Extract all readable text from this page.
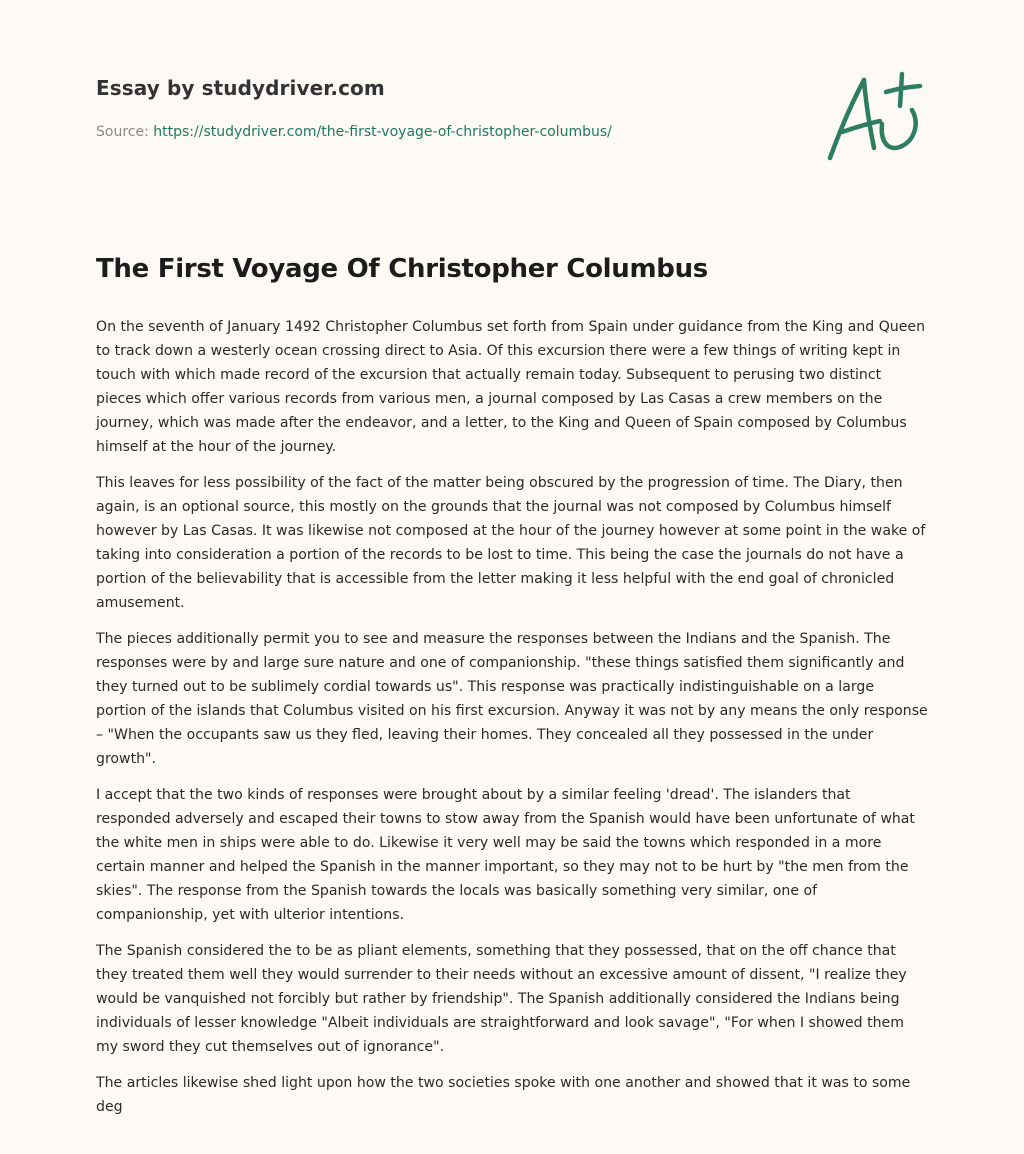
Essay by studydriver.com
Source: https://studydriver.com/the-first-voyage-of-christopher-columbus/
The First Voyage Of Christopher Columbus

On the seventh of January 1492 Christopher Columbus set forth from Spain under guidance from the King and Queen to track down a westerly ocean crossing direct to Asia. Of this excursion there were a few things of writing kept in touch with which made record of the excursion that actually remain today. Subsequent to perusing two distinct pieces which offer various records from various men, a journal composed by Las Casas a crew members on the journey, which was made after the endeavor, and a letter, to the King and Queen of Spain composed by Columbus himself at the hour of the journey.

This leaves for less possibility of the fact of the matter being obscured by the progression of time. The Diary, then again, is an optional source, this mostly on the grounds that the journal was not composed by Columbus himself however by Las Casas. It was likewise not composed at the hour of the journey however at some point in the wake of taking into consideration a portion of the records to be lost to time. This being the case the journals do not have a portion of the believability that is accessible from the letter making it less helpful with the end goal of chronicled amusement.

The pieces additionally permit you to see and measure the responses between the Indians and the Spanish. The responses were by and large sure nature and one of companionship. "these things satisfied them significantly and they turned out to be sublimely cordial towards us". This response was practically indistinguishable on a large portion of the islands that Columbus visited on his first excursion. Anyway it was not by any means the only response – "When the occupants saw us they fled, leaving their homes. They concealed all they possessed in the under growth".

I accept that the two kinds of responses were brought about by a similar feeling 'dread'. The islanders that responded adversely and escaped their towns to stow away from the Spanish would have been unfortunate of what the white men in ships were able to do. Likewise it very well may be said the towns which responded in a more certain manner and helped the Spanish in the manner important, so they may not to be hurt by "the men from the skies". The response from the Spanish towards the locals was basically something very similar, one of companionship, yet with ulterior intentions.

The Spanish considered the to be as pliant elements, something that they possessed, that on the off chance that they treated them well they would surrender to their needs without an excessive amount of dissent, "I realize they would be vanquished not forcibly but rather by friendship". The Spanish additionally considered the Indians being individuals of lesser knowledge "Albeit individuals are straightforward and look savage", "For when I showed them my sword they cut themselves out of ignorance".

The articles likewise shed light upon how the two societies spoke with one another and showed that it was to some deg
